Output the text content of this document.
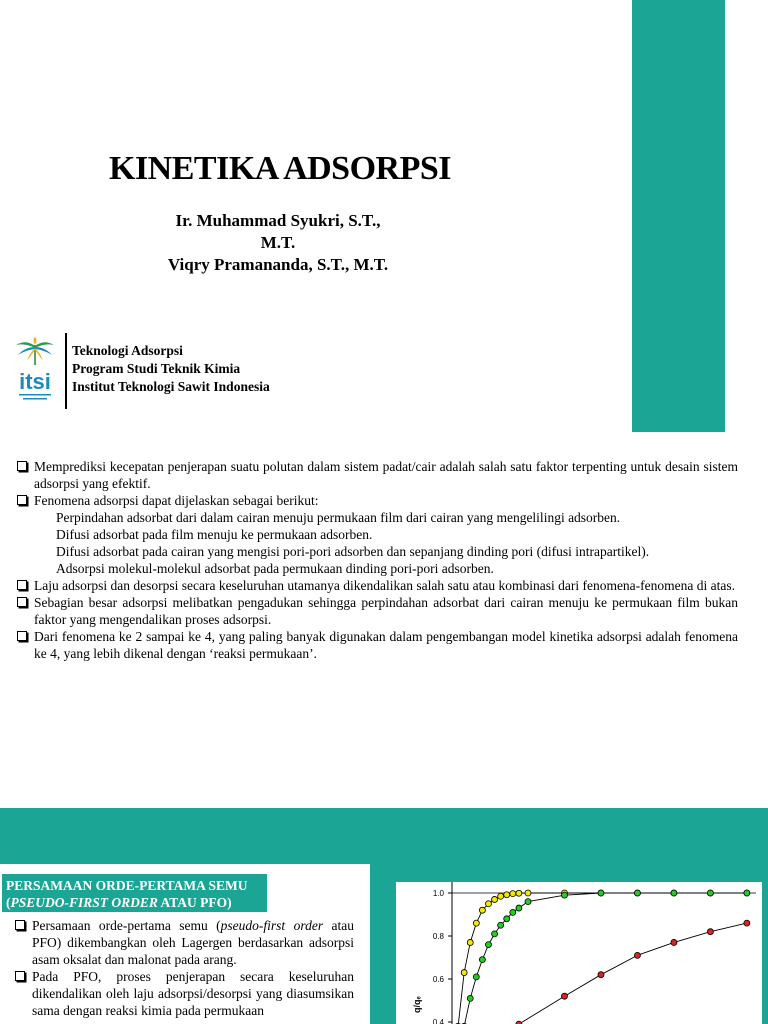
KINETIKA ADSORPSI
Ir. Muhammad Syukri, S.T.,
M.T.
Viqry Pramananda, S.T., M.T.
itsi
Teknologi Adsorpsi
Program Studi Teknik Kimia
Institut Teknologi Sawit Indonesia
Memprediksi kecepatan penjerapan suatu polutan dalam sistem padat/cair adalah salah satu faktor terpenting untuk desain sistem adsorpsi yang efektif.
Fenomena adsorpsi dapat dijelaskan sebagai berikut:
Perpindahan adsorbat dari dalam cairan menuju permukaan film dari cairan yang mengelilingi adsorben.
Difusi adsorbat pada film menuju ke permukaan adsorben.
Difusi adsorbat pada cairan yang mengisi pori-pori adsorben dan sepanjang dinding pori (difusi intrapartikel).
Adsorpsi molekul-molekul adsorbat pada permukaan dinding pori-pori adsorben.
Laju adsorpsi dan desorpsi secara keseluruhan utamanya dikendalikan salah satu atau kombinasi dari fenomena-fenomena di atas.
Sebagian besar adsorpsi melibatkan pengadukan sehingga perpindahan adsorbat dari cairan menuju ke permukaan film bukan faktor yang mengendalikan proses adsorpsi.
Dari fenomena ke 2 sampai ke 4, yang paling banyak digunakan dalam pengembangan model kinetika adsorpsi adalah fenomena ke 4, yang lebih dikenal dengan ‘reaksi permukaan’.
PERSAMAAN ORDE-PERTAMA SEMU
(PSEUDO-FIRST ORDER ATAU PFO)
Persamaan orde-pertama semu (pseudo-first order atau PFO) dikembangkan oleh Lagergen berdasarkan adsorpsi asam oksalat dan malonat pada arang.
Pada PFO, proses penjerapan secara keseluruhan dikendalikan oleh laju adsorpsi/desorpsi yang diasumsikan sama dengan reaksi kimia pada permukaan
1.0
0.8
0.6
0.4
q/qₑ
